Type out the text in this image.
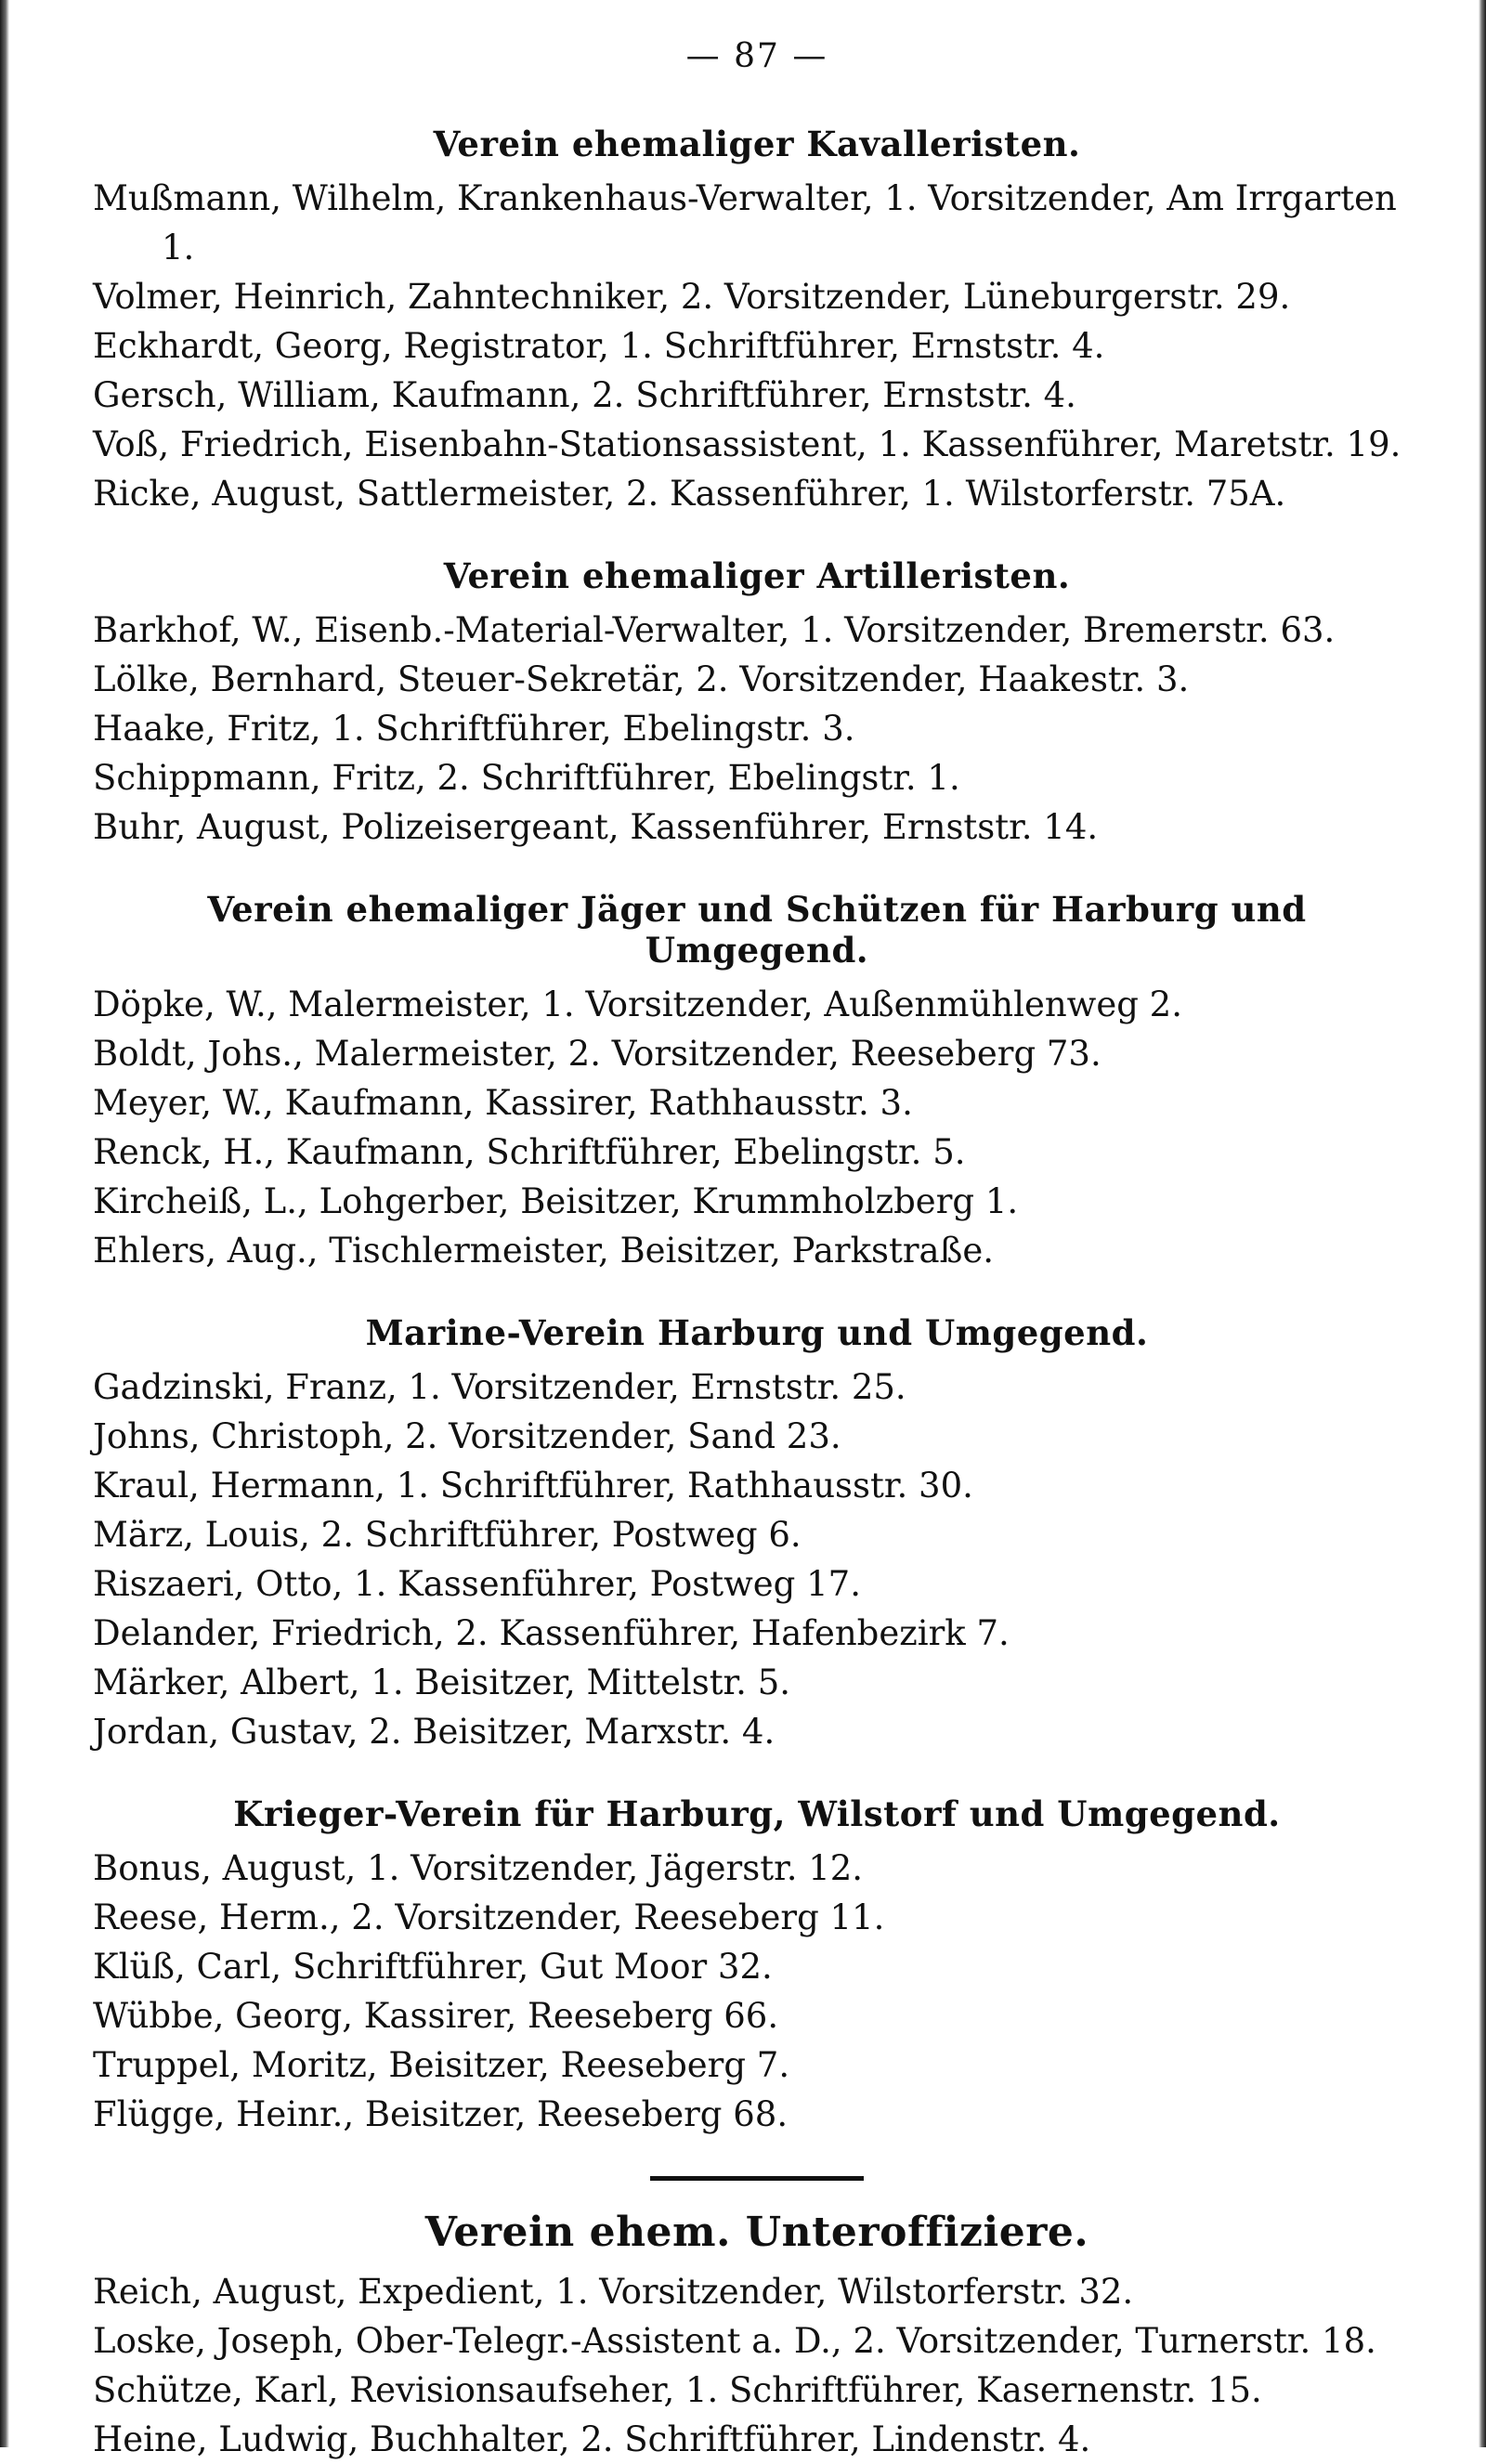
— 87 —
Verein ehemaliger Kavalleristen.
Mußmann, Wilhelm, Krankenhaus-Verwalter, 1. Vorsitzender, Am Irrgarten 1.
Volmer, Heinrich, Zahntechniker, 2. Vorsitzender, Lüneburgerstr. 29.
Eckhardt, Georg, Registrator, 1. Schriftführer, Ernststr. 4.
Gersch, William, Kaufmann, 2. Schriftführer, Ernststr. 4.
Voß, Friedrich, Eisenbahn-Stationsassistent, 1. Kassenführer, Maretstr. 19.
Ricke, August, Sattlermeister, 2. Kassenführer, 1. Wilstorferstr. 75A.
Verein ehemaliger Artilleristen.
Barkhof, W., Eisenb.-Material-Verwalter, 1. Vorsitzender, Bremerstr. 63.
Lölke, Bernhard, Steuer-Sekretär, 2. Vorsitzender, Haakestr. 3.
Haake, Fritz, 1. Schriftführer, Ebelingstr. 3.
Schippmann, Fritz, 2. Schriftführer, Ebelingstr. 1.
Buhr, August, Polizeisergeant, Kassenführer, Ernststr. 14.
Verein ehemaliger Jäger und Schützen für Harburg und Umgegend.
Döpke, W., Malermeister, 1. Vorsitzender, Außenmühlenweg 2.
Boldt, Johs., Malermeister, 2. Vorsitzender, Reeseberg 73.
Meyer, W., Kaufmann, Kassirer, Rathhausstr. 3.
Renck, H., Kaufmann, Schriftführer, Ebelingstr. 5.
Kircheiß, L., Lohgerber, Beisitzer, Krummholzberg 1.
Ehlers, Aug., Tischlermeister, Beisitzer, Parkstraße.
Marine-Verein Harburg und Umgegend.
Gadzinski, Franz, 1. Vorsitzender, Ernststr. 25.
Johns, Christoph, 2. Vorsitzender, Sand 23.
Kraul, Hermann, 1. Schriftführer, Rathhausstr. 30.
März, Louis, 2. Schriftführer, Postweg 6.
Riszaeri, Otto, 1. Kassenführer, Postweg 17.
Delander, Friedrich, 2. Kassenführer, Hafenbezirk 7.
Märker, Albert, 1. Beisitzer, Mittelstr. 5.
Jordan, Gustav, 2. Beisitzer, Marxstr. 4.
Krieger-Verein für Harburg, Wilstorf und Umgegend.
Bonus, August, 1. Vorsitzender, Jägerstr. 12.
Reese, Herm., 2. Vorsitzender, Reeseberg 11.
Klüß, Carl, Schriftführer, Gut Moor 32.
Wübbe, Georg, Kassirer, Reeseberg 66.
Truppel, Moritz, Beisitzer, Reeseberg 7.
Flügge, Heinr., Beisitzer, Reeseberg 68.
Verein ehem. Unteroffiziere.
Reich, August, Expedient, 1. Vorsitzender, Wilstorferstr. 32.
Loske, Joseph, Ober-Telegr.-Assistent a. D., 2. Vorsitzender, Turnerstr. 18.
Schütze, Karl, Revisionsaufseher, 1. Schriftführer, Kasernenstr. 15.
Heine, Ludwig, Buchhalter, 2. Schriftführer, Lindenstr. 4.
